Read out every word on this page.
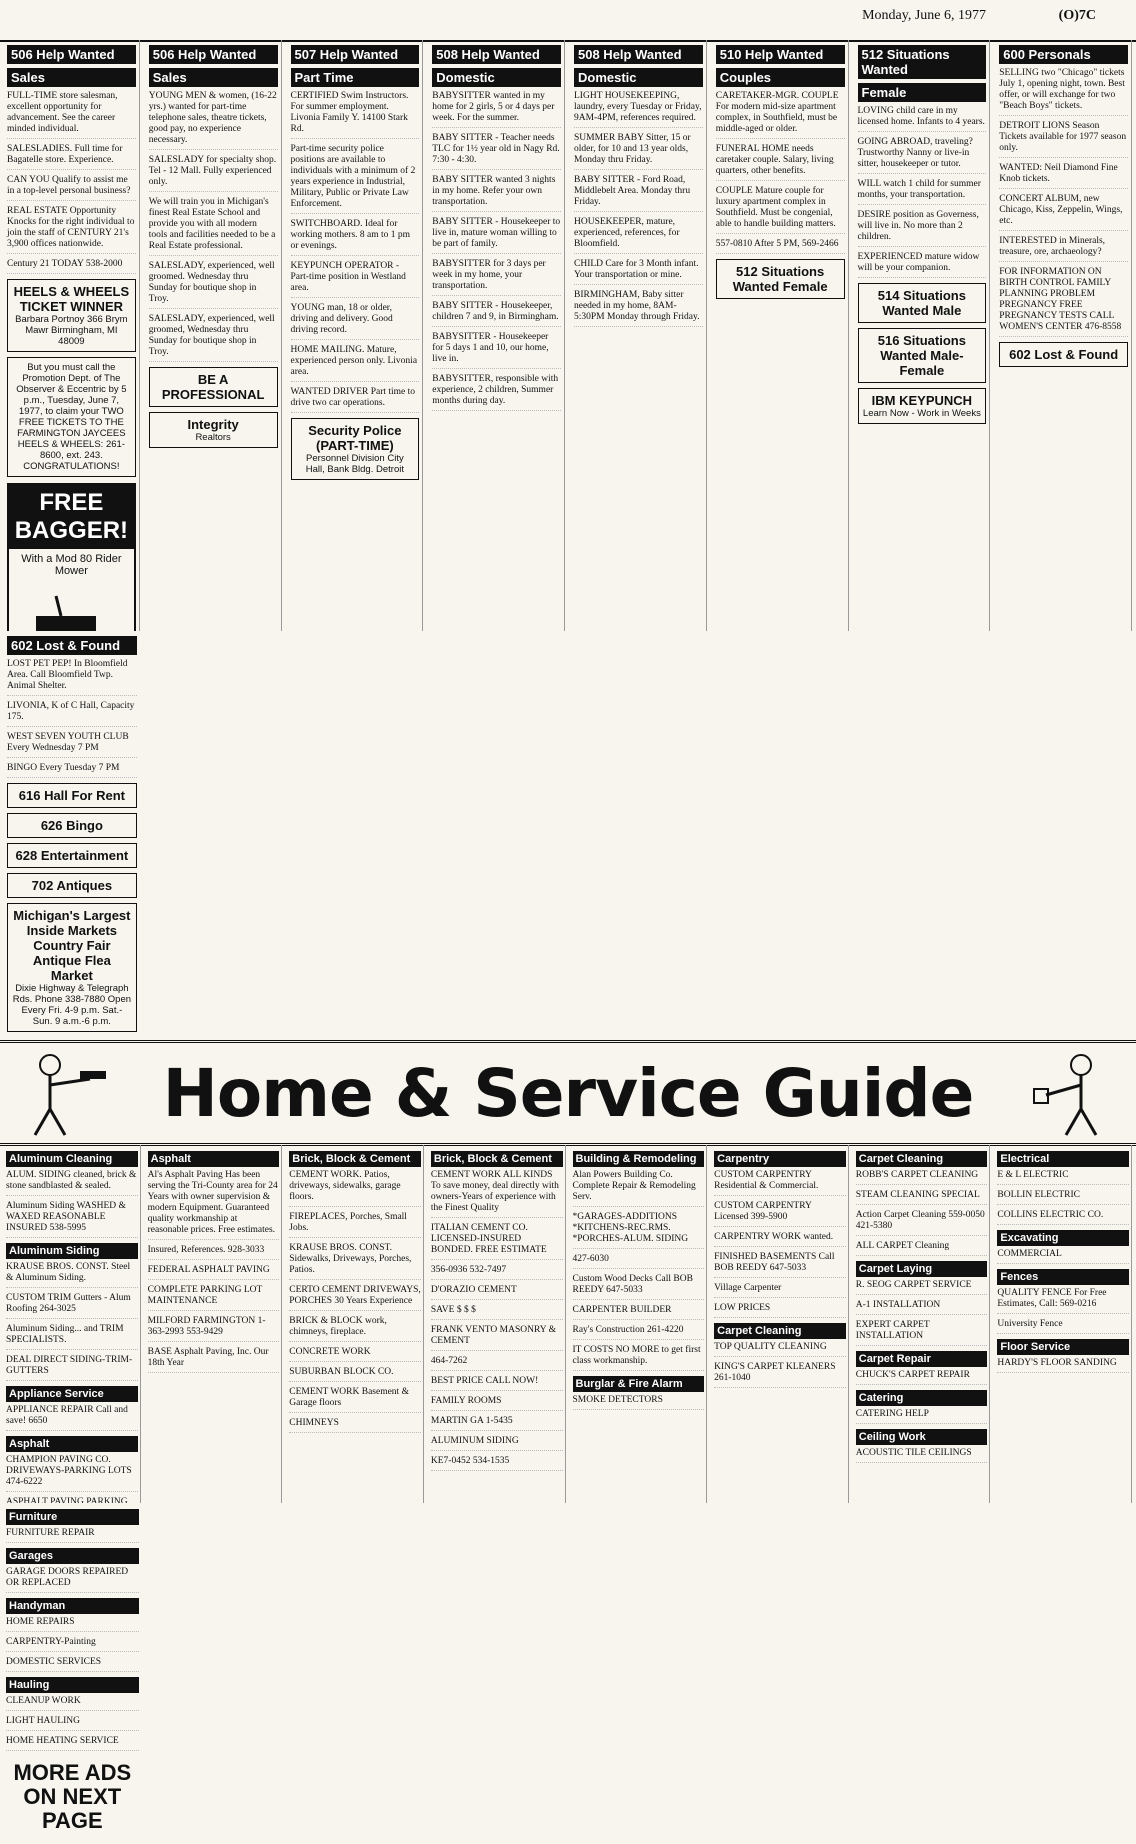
Monday, June 6, 1977	(O)7C
506 Help Wanted
Sales
FULL-TIME store salesman, excellent opportunity for advancement. See the career minded individual.
SALESLADIES. Full time for Bagatelle store. Experience.
CAN YOU Qualify to assist me in a top-level personal business?
REAL ESTATE Opportunity Knocks for the right individual to join the staff of CENTURY 21's 3,900 offices nationwide.
Century 21 TODAY 538-2000
HEELS & WHEELS TICKET WINNER
Barbara Portnoy 366 Brym Mawr Birmingham, MI 48009
But you must call the Promotion Dept. of The Observer & Eccentric by 5 p.m., Tuesday, June 7, 1977, to claim your TWO FREE TICKETS TO THE FARMINGTON JAYCEES HEELS & WHEELS: 261-8600, ext. 243. CONGRATULATIONS!
FREE BAGGER!
With a Mod 80 Rider Mower
506 Help Wanted
Sales
YOUNG MEN & women, (16-22 yrs.) wanted for part-time telephone sales, theatre tickets, good pay, no experience necessary.
SALESLADY for specialty shop. Tel - 12 Mall. Fully experienced only.
We will train you in Michigan's finest Real Estate School and provide you with all modern tools and facilities needed to be a Real Estate professional.
SALESLADY, experienced, well groomed. Wednesday thru Sunday for boutique shop in Troy.
SALESLADY, experienced, well groomed, Wednesday thru Sunday for boutique shop in Troy.
BE A PROFESSIONAL
Integrity
Realtors
507 Help Wanted
Part Time
CERTIFIED Swim Instructors. For summer employment. Livonia Family Y. 14100 Stark Rd.
Part-time security police positions are available to individuals with a minimum of 2 years experience in Industrial, Military, Public or Private Law Enforcement.
SWITCHBOARD. Ideal for working mothers. 8 am to 1 pm or evenings.
KEYPUNCH OPERATOR - Part-time position in Westland area.
YOUNG man, 18 or older, driving and delivery. Good driving record.
HOME MAILING. Mature, experienced person only. Livonia area.
WANTED DRIVER Part time to drive two car operations.
Security Police (PART-TIME)
Personnel Division City Hall, Bank Bldg. Detroit
508 Help Wanted
Domestic
BABYSITTER wanted in my home for 2 girls, 5 or 4 days per week. For the summer.
BABY SITTER - Teacher needs TLC for 1½ year old in Nagy Rd. 7:30 - 4:30.
BABY SITTER wanted 3 nights in my home. Refer your own transportation.
BABY SITTER - Housekeeper to live in, mature woman willing to be part of family.
BABYSITTER for 3 days per week in my home, your transportation.
BABY SITTER - Housekeeper, children 7 and 9, in Birmingham.
BABYSITTER - Housekeeper for 5 days 1 and 10, our home, live in.
BABYSITTER, responsible with experience, 2 children, Summer months during day.
508 Help Wanted
Domestic
LIGHT HOUSEKEEPING, laundry, every Tuesday or Friday, 9AM-4PM, references required.
SUMMER BABY Sitter, 15 or older, for 10 and 13 year olds, Monday thru Friday.
BABY SITTER - Ford Road, Middlebelt Area. Monday thru Friday.
HOUSEKEEPER, mature, experienced, references, for Bloomfield.
CHILD Care for 3 Month infant. Your transportation or mine.
BIRMINGHAM, Baby sitter needed in my home, 8AM-5:30PM Monday through Friday.
510 Help Wanted
Couples
CARETAKER-MGR. COUPLE For modern mid-size apartment complex, in Southfield, must be middle-aged or older.
FUNERAL HOME needs caretaker couple. Salary, living quarters, other benefits.
COUPLE Mature couple for luxury apartment complex in Southfield. Must be congenial, able to handle building matters.
557-0810 After 5 PM, 569-2466
512 Situations Wanted Female
512 Situations Wanted
Female
LOVING child care in my licensed home. Infants to 4 years.
GOING ABROAD, traveling? Trustworthy Nanny or live-in sitter, housekeeper or tutor.
WILL watch 1 child for summer months, your transportation.
DESIRE position as Governess, will live in. No more than 2 children.
EXPERIENCED mature widow will be your companion.
514 Situations Wanted Male
516 Situations Wanted Male-Female
IBM KEYPUNCH
Learn Now - Work in Weeks
600 Personals
SELLING two "Chicago" tickets July 1, opening night, town. Best offer, or will exchange for two "Beach Boys" tickets.
DETROIT LIONS Season Tickets available for 1977 season only.
WANTED: Neil Diamond Fine Knob tickets.
CONCERT ALBUM, new Chicago, Kiss, Zeppelin, Wings, etc.
INTERESTED in Minerals, treasure, ore, archaeology?
FOR INFORMATION ON BIRTH CONTROL FAMILY PLANNING PROBLEM PREGNANCY FREE PREGNANCY TESTS CALL WOMEN'S CENTER 476-8558
602 Lost & Found
602 Lost & Found
LOST PET PEP! In Bloomfield Area. Call Bloomfield Twp. Animal Shelter.
LIVONIA, K of C Hall, Capacity 175.
WEST SEVEN YOUTH CLUB Every Wednesday 7 PM
BINGO Every Tuesday 7 PM
616 Hall For Rent
626 Bingo
628 Entertainment
702 Antiques
Michigan's Largest Inside Markets Country Fair Antique Flea Market
Dixie Highway & Telegraph Rds. Phone 338-7880 Open Every Fri. 4-9 p.m. Sat.-Sun. 9 a.m.-6 p.m.
Home & Service Guide
Aluminum Cleaning
ALUM. SIDING cleaned, brick & stone sandblasted & sealed.
Aluminum Siding WASHED & WAXED REASONABLE INSURED 538-5995
Aluminum Siding
KRAUSE BROS. CONST. Steel & Aluminum Siding.
CUSTOM TRIM Gutters - Alum Roofing 264-3025
Aluminum Siding... and TRIM SPECIALISTS.
DEAL DIRECT SIDING-TRIM-GUTTERS
Appliance Service
APPLIANCE REPAIR Call and save! 6650
Asphalt
CHAMPION PAVING CO. DRIVEWAYS-PARKING LOTS 474-6222
ASPHALT PAVING PARKING
Asphalt
Al's Asphalt Paving Has been serving the Tri-County area for 24 Years with owner supervision & modern Equipment. Guaranteed quality workmanship at reasonable prices. Free estimates.
Insured, References. 928-3033
FEDERAL ASPHALT PAVING
COMPLETE PARKING LOT MAINTENANCE
MILFORD FARMINGTON 1-363-2993 553-9429
BASE Asphalt Paving, Inc. Our 18th Year
Brick, Block & Cement
CEMENT WORK. Patios, driveways, sidewalks, garage floors.
FIREPLACES, Porches, Small Jobs.
KRAUSE BROS. CONST. Sidewalks, Driveways, Porches, Patios.
CERTO CEMENT DRIVEWAYS, PORCHES 30 Years Experience
BRICK & BLOCK work, chimneys, fireplace.
CONCRETE WORK
SUBURBAN BLOCK CO.
CEMENT WORK Basement & Garage floors
CHIMNEYS
Brick, Block & Cement
CEMENT WORK ALL KINDS To save money, deal directly with owners-Years of experience with the Finest Quality
ITALIAN CEMENT CO. LICENSED-INSURED BONDED. FREE ESTIMATE
356-0936 532-7497
D'ORAZIO CEMENT
SAVE $ $ $
FRANK VENTO MASONRY & CEMENT
464-7262
BEST PRICE CALL NOW!
FAMILY ROOMS
MARTIN GA 1-5435
ALUMINUM SIDING
KE7-0452 534-1535
Building & Remodeling
Alan Powers Building Co. Complete Repair & Remodeling Serv.
*GARAGES-ADDITIONS *KITCHENS-REC.RMS. *PORCHES-ALUM. SIDING
427-6030
Custom Wood Decks Call BOB REEDY 647-5033
CARPENTER BUILDER
Ray's Construction 261-4220
IT COSTS NO MORE to get first class workmanship.
Burglar & Fire Alarm
SMOKE DETECTORS
Carpentry
CUSTOM CARPENTRY Residential & Commercial.
CUSTOM CARPENTRY Licensed 399-5900
CARPENTRY WORK wanted.
FINISHED BASEMENTS Call BOB REEDY 647-5033
Village Carpenter
LOW PRICES
Carpet Cleaning
TOP QUALITY CLEANING
KING'S CARPET KLEANERS 261-1040
Carpet Cleaning
ROBB'S CARPET CLEANING
STEAM CLEANING SPECIAL
Action Carpet Cleaning 559-0050 421-5380
ALL CARPET Cleaning
Carpet Laying
R. SEOG CARPET SERVICE
A-1 INSTALLATION
EXPERT CARPET INSTALLATION
Carpet Repair
CHUCK'S CARPET REPAIR
Catering
CATERING HELP
Ceiling Work
ACOUSTIC TILE CEILINGS
Electrical
E & L ELECTRIC
BOLLIN ELECTRIC
COLLINS ELECTRIC CO.
Excavating
COMMERCIAL
Fences
QUALITY FENCE For Free Estimates, Call: 569-0216
University Fence
Floor Service
HARDY'S FLOOR SANDING
Furniture
FURNITURE REPAIR
Garages
GARAGE DOORS REPAIRED OR REPLACED
Handyman
HOME REPAIRS
CARPENTRY-Painting
DOMESTIC SERVICES
Hauling
CLEANUP WORK
LIGHT HAULING
HOME HEATING SERVICE
MORE ADS ON NEXT PAGE
